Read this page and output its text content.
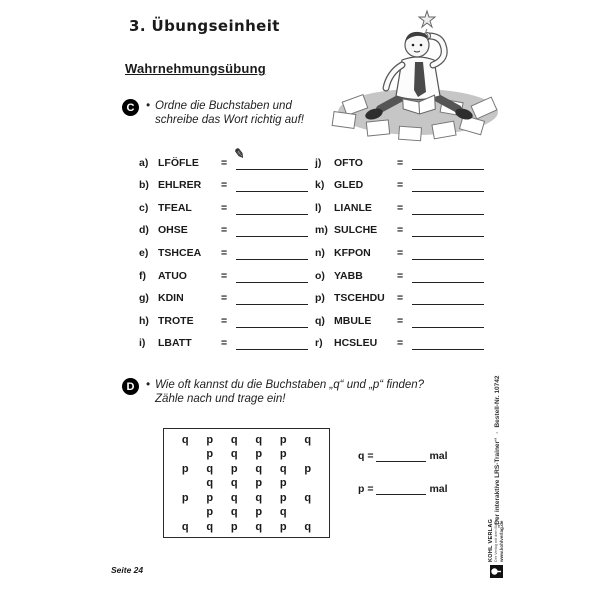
3. Übungseinheit
Wahrnehmungsübung
C	• Ordne die Buchstaben und
schreibe das Wort richtig auf!
a) LFÖFLE	=
✎
b) EHLRER	=
c) TFEAL	=
d) OHSE	=
e) TSHCEA	=
f)	ATUO	=
g) KDIN	=
h) TROTE	=
i)	LBATT	=
j)	OFTO	=
k) GLED	=
l)	LIANLE	=
m) SULCHE	=
n) KFPON	=
o) YABB	=
p) TSCEHDU	=
q) MBULE	=
r)	HCSLEU	=
D	• Wie oft kannst du die Buchstaben „q“ und „p“ finden?
Zähle nach und trage ein!
q	p	q	q	p	q
p	q	p	p
p	q	p	q	q	p
q	q	p	p
p	p	q	q	p	q
p	q	p	q
q	q	p	q	p	q
q =	mal
p =	mal	„Der interaktive LRS-Trainer“
·
Bestell-Nr. 10742
KOHL VERLAG Der Verlag mit dem Baum www.kohlverlag.de
Seite 24
